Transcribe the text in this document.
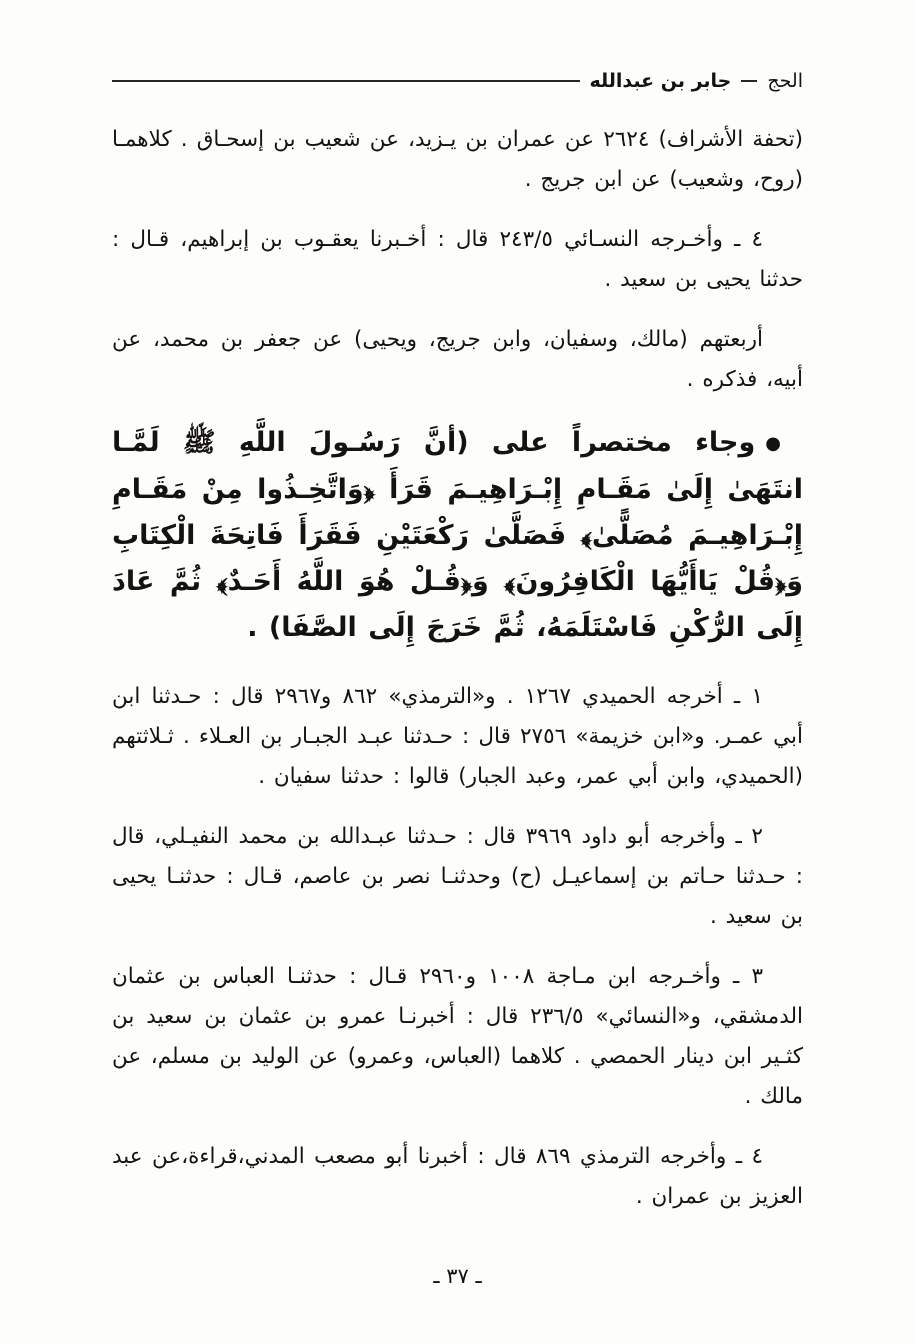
الحج
جابر بن عبدالله

(تحفة الأشراف) ٢٦٢٤ عن عمران بن يـزيد، عن شعيب بن إسحـاق . كلاهمـا (روح، وشعيب) عن ابن جريج .

٤ ـ وأخـرجه النسـائي ٢٤٣/٥ قال : أخـبرنا يعقـوب بن إبراهيم، قـال : حدثنا يحيى بن سعيد .

أربعتهم (مالك، وسفيان، وابن جريج، ويحيى) عن جعفر بن محمد، عن أبيه، فذكره .

●وجاء مختصراً على (أنَّ رَسُـولَ اللَّهِ ﷺ لَمَّـا انتَهَىٰ إِلَىٰ مَقَـامِ إِبْـرَاهِيـمَ قَرَأَ ﴿وَاتَّخِـذُوا مِنْ مَقَـامِ إِبْـرَاهِيـمَ مُصَلًّىٰ﴾ فَصَلَّىٰ رَكْعَتَيْنِ فَقَرَأَ فَاتِحَةَ الْكِتَابِ وَ﴿قُلْ يَاأَيُّهَا الْكَافِرُونَ﴾ وَ﴿قُـلْ هُوَ اللَّهُ أَحَـدٌ﴾ ثُمَّ عَادَ إِلَى الرُّكْنِ فَاسْتَلَمَهُ، ثُمَّ خَرَجَ إِلَى الصَّفَا) .

١ ـ أخرجه الحميدي ١٢٦٧ . و«الترمذي» ٨٦٢ و٢٩٦٧ قال : حـدثنا ابن أبي عمـر. و«ابن خزيمة» ٢٧٥٦ قال : حـدثنا عبـد الجبـار بن العـلاء . ثـلاثتهم (الحميدي، وابن أبي عمر، وعبد الجبار) قالوا : حدثنا سفيان .

٢ ـ وأخرجه أبو داود ٣٩٦٩ قال : حـدثنا عبـدالله بن محمد النفيـلي، قال : حـدثنا حـاتم بن إسماعيـل (ح) وحدثنـا نصر بن عاصم، قـال : حدثنـا يحيى بن سعيد .

٣ ـ وأخـرجه ابن مـاجة ١٠٠٨ و٢٩٦٠ قـال : حدثنـا العباس بن عثمان الدمشقي، و«النسائي» ٢٣٦/٥ قال : أخبرنـا عمرو بن عثمان بن سعيد بن كثـير ابن دينار الحمصي . كلاهما (العباس، وعمرو) عن الوليد بن مسلم، عن مالك .

٤ ـ وأخرجه الترمذي ٨٦٩ قال : أخبرنا أبو مصعب المدني،قراءة،عن عبد العزيز بن عمران .

ـ ٣٧ ـ
